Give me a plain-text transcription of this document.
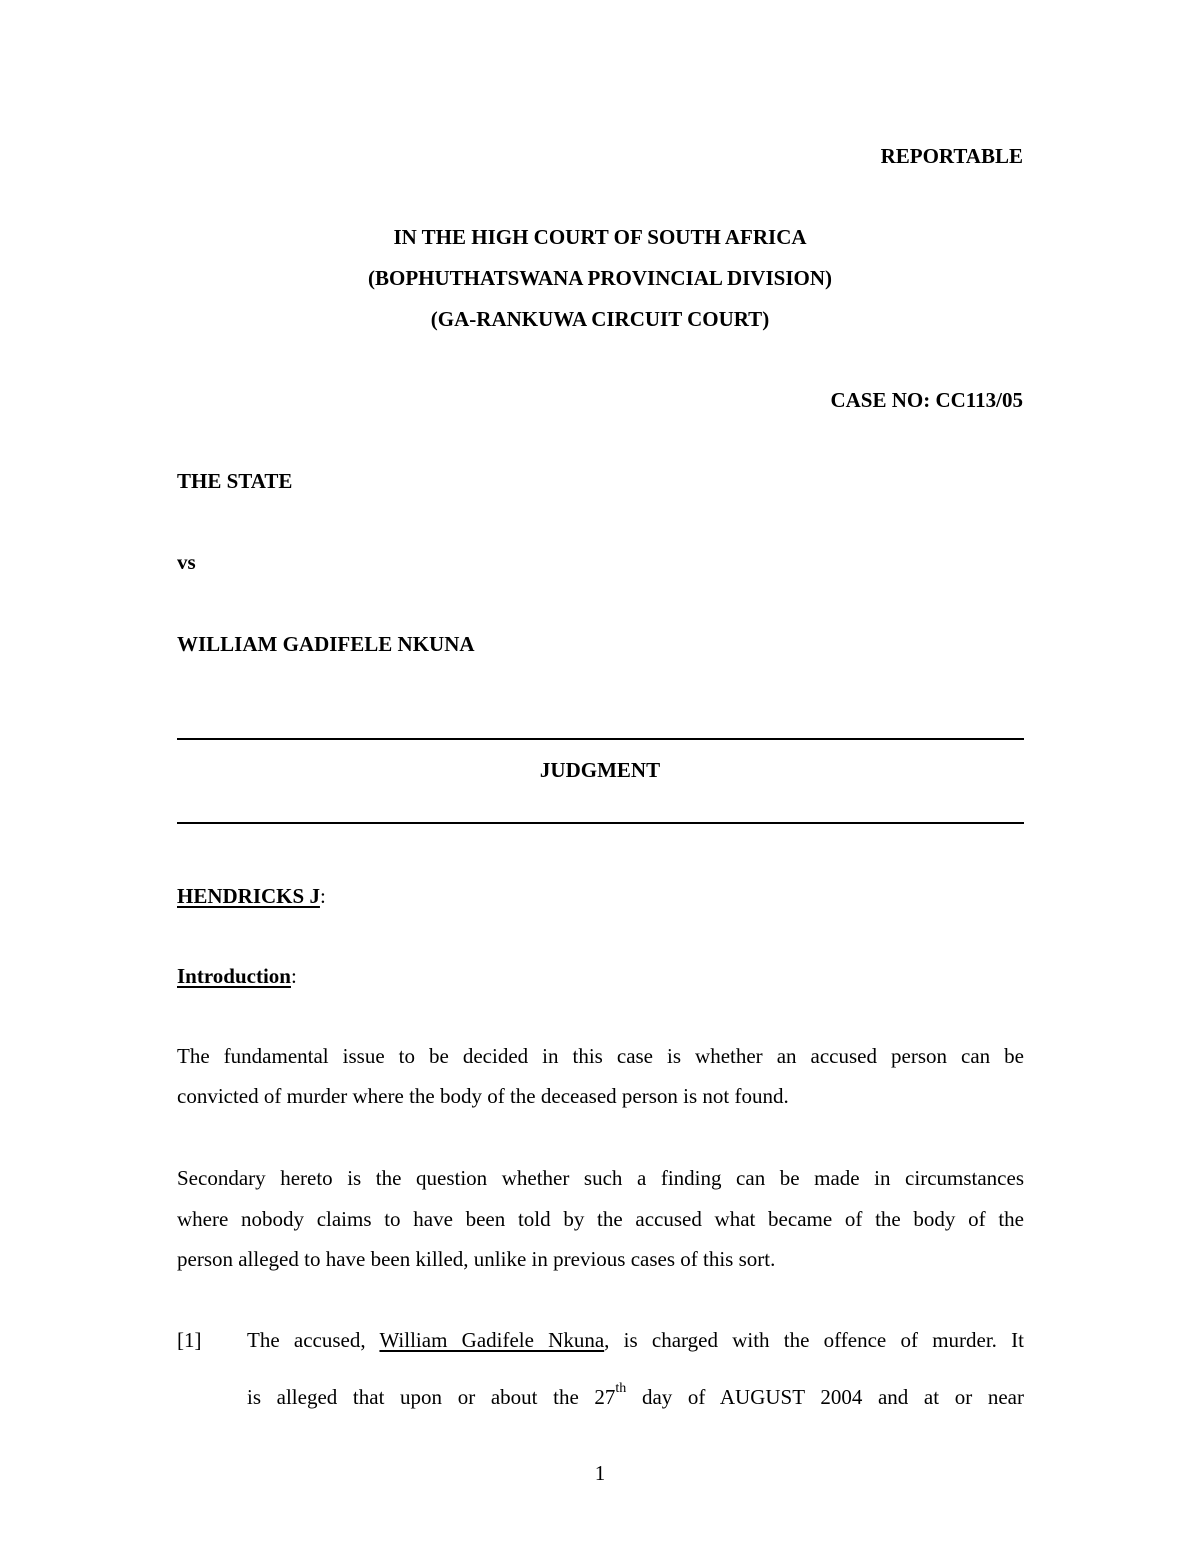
REPORTABLE
IN THE HIGH COURT OF SOUTH AFRICA
(BOPHUTHATSWANA PROVINCIAL DIVISION)
(GA-RANKUWA CIRCUIT COURT)
CASE NO: CC113/05
THE STATE
vs
WILLIAM GADIFELE NKUNA
JUDGMENT
HENDRICKS J:
Introduction:
The fundamental issue to be decided in this case is whether an accused person can be
convicted of murder where the body of the deceased person is not found.
Secondary hereto is the question whether such a finding can be made in circumstances
where nobody claims to have been told by the accused what became of the body of the
person alleged to have been killed, unlike in previous cases of this sort.
[1] The accused, William Gadifele Nkuna, is charged with the offence of murder. It
is alleged that upon or about the 27th day of AUGUST 2004 and at or near
1
